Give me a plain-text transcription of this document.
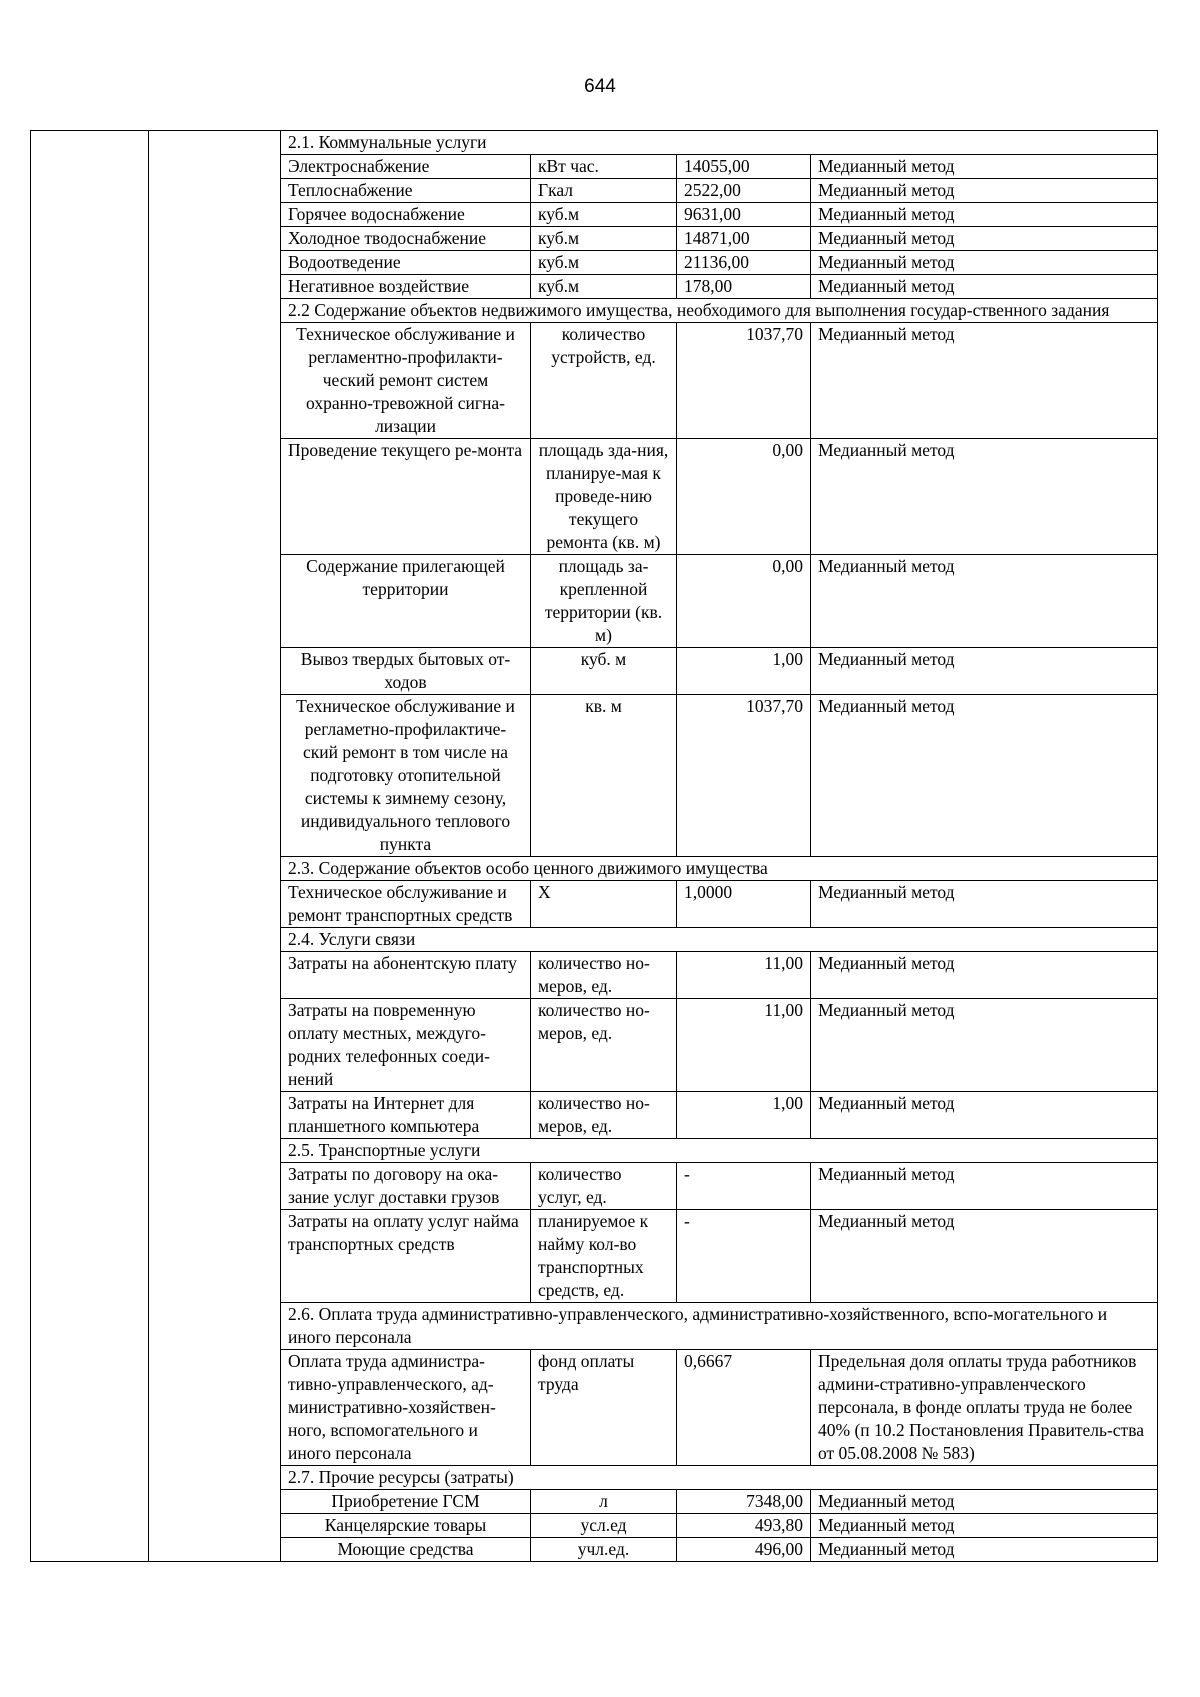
644
		2.1. Коммунальные услуги			
		Электроснабжение	кВт час.	14055,00	Медианный метод
		Теплоснабжение	Гкал	2522,00	Медианный метод
		Горячее водоснабжение	куб.м	9631,00	Медианный метод
		Холодное тводоснабжение	куб.м	14871,00	Медианный метод
		Водоотведение	куб.м	21136,00	Медианный метод
		Негативное воздействие	куб.м	178,00	Медианный метод
		2.2 Содержание объектов недвижимого имущества, необходимого для выполнения государ-ственного задания			
		Техническое обслуживание и регламентно-профилакти-ческий ремонт систем охранно-тревожной сигна-лизации	количество устройств, ед.	1037,70	Медианный метод
		Проведение текущего ре-монта	площадь зда-ния, планируе-мая к проведе-нию текущего ремонта (кв. м)	0,00	Медианный метод
		Содержание прилегающей территории	площадь за-крепленной территории (кв. м)	0,00	Медианный метод
		Вывоз твердых бытовых от-ходов	куб. м	1,00	Медианный метод
		Техническое обслуживание и регламетно-профилактиче-ский ремонт в том числе на подготовку отопительной системы к зимнему сезону, индивидуального теплового пункта	кв. м	1037,70	Медианный метод
		2.3. Содержание объектов особо ценного движимого имущества			
		Техническое обслуживание и ремонт транспортных средств	Х	1,0000	Медианный метод
		2.4. Услуги связи			
		Затраты на абонентскую плату	количество но-меров, ед.	11,00	Медианный метод
		Затраты на повременную оплату местных, междуго-родних телефонных соеди-нений	количество но-меров, ед.	11,00	Медианный метод
		Затраты на Интернет для планшетного компьютера	количество но-меров, ед.	1,00	Медианный метод
		2.5. Транспортные услуги			
		Затраты по договору на ока-зание услуг доставки грузов	количество услуг, ед.	-	Медианный метод
		Затраты на оплату услуг найма транспортных средств	планируемое к найму кол-во транспортных средств, ед.	-	Медианный метод
		2.6. Оплата труда административно-управленческого, административно-хозяйственного, вспо-могательного и иного персонала			
		Оплата труда администра-тивно-управленческого, ад-министративно-хозяйствен-ного, вспомогательного и иного персонала	фонд оплаты труда	0,6667	Предельная доля оплаты труда работников админи-стративно-управленческого персонала, в фонде оплаты труда не более 40% (п 10.2 Постановления Правитель-ства от 05.08.2008 № 583)
		2.7. Прочие ресурсы (затраты)			
		Приобретение ГСМ	л	7348,00	Медианный метод
		Канцелярские товары	усл.ед	493,80	Медианный метод
		Моющие средства	учл.ед.	496,00	Медианный метод
